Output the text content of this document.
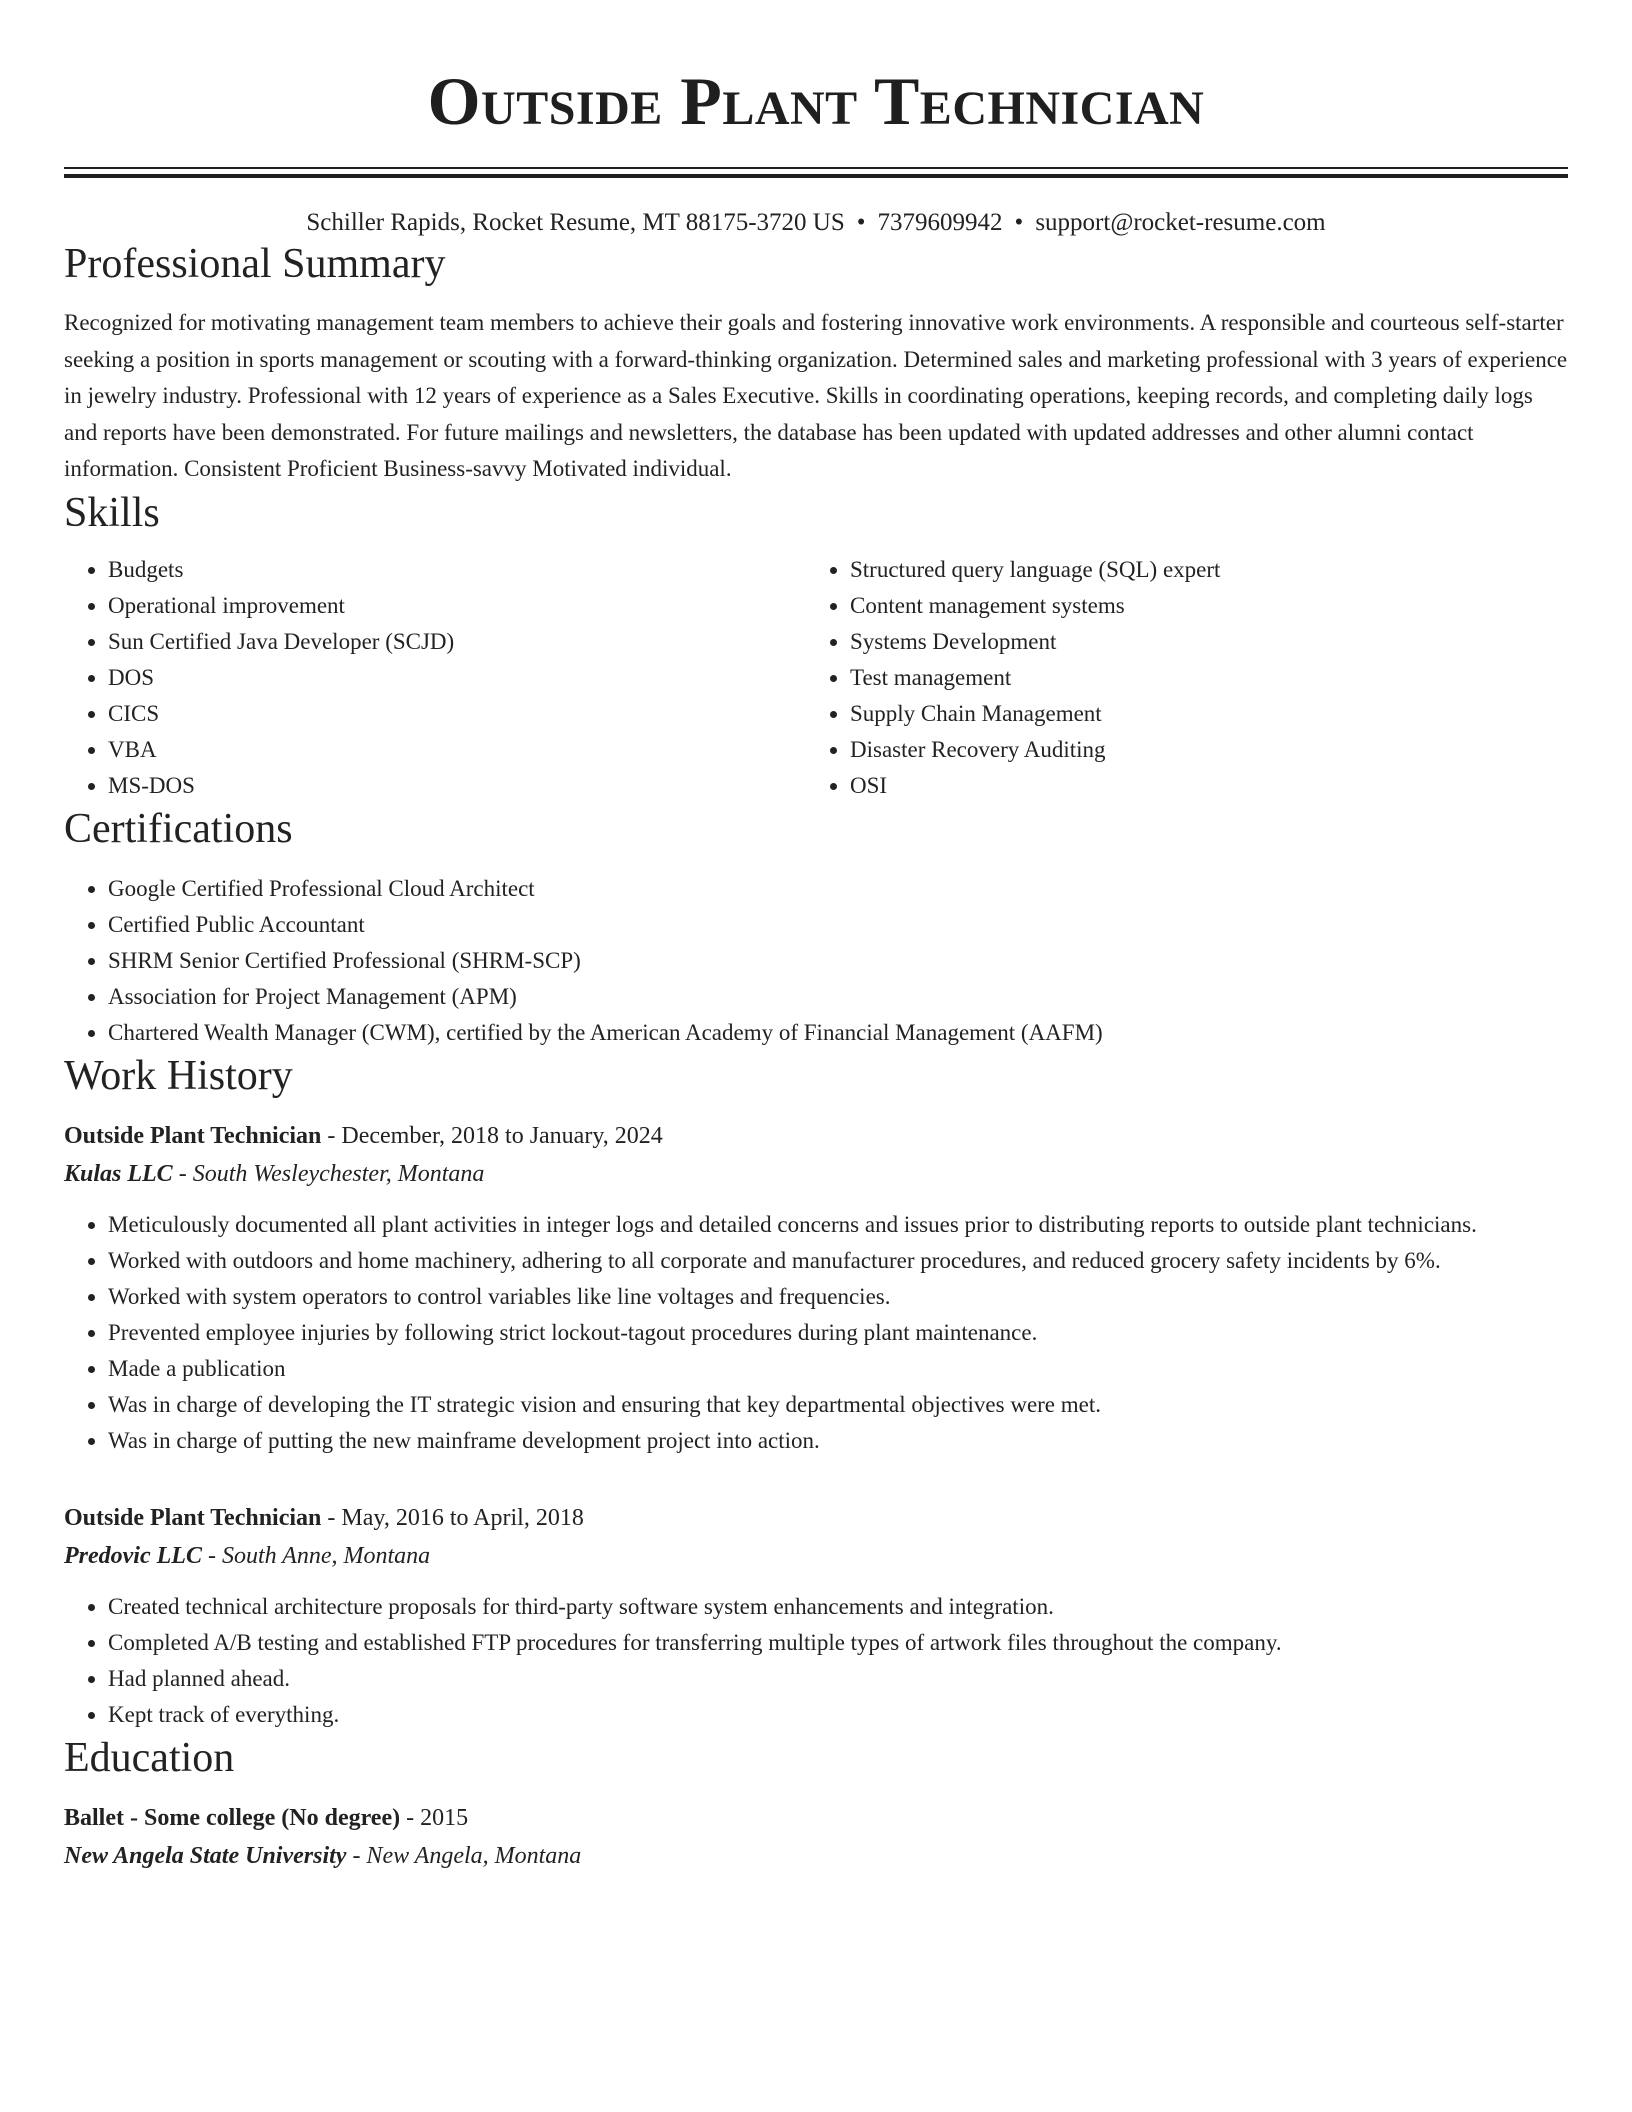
Outside Plant Technician
Schiller Rapids, Rocket Resume, MT 88175-3720 US • 7379609942 • support@rocket-resume.com
Professional Summary
Recognized for motivating management team members to achieve their goals and fostering innovative work environments. A responsible and courteous self-starter seeking a position in sports management or scouting with a forward-thinking organization. Determined sales and marketing professional with 3 years of experience in jewelry industry. Professional with 12 years of experience as a Sales Executive. Skills in coordinating operations, keeping records, and completing daily logs and reports have been demonstrated. For future mailings and newsletters, the database has been updated with updated addresses and other alumni contact information. Consistent Proficient Business-savvy Motivated individual.
Skills
• Budgets
• Operational improvement
• Sun Certified Java Developer (SCJD)
• DOS
• CICS
• VBA
• MS-DOS
• Structured query language (SQL) expert
• Content management systems
• Systems Development
• Test management
• Supply Chain Management
• Disaster Recovery Auditing
• OSI
Certifications
• Google Certified Professional Cloud Architect
• Certified Public Accountant
• SHRM Senior Certified Professional (SHRM-SCP)
• Association for Project Management (APM)
• Chartered Wealth Manager (CWM), certified by the American Academy of Financial Management (AAFM)
Work History
Outside Plant Technician - December, 2018 to January, 2024
Kulas LLC - South Wesleychester, Montana
• Meticulously documented all plant activities in integer logs and detailed concerns and issues prior to distributing reports to outside plant technicians.
• Worked with outdoors and home machinery, adhering to all corporate and manufacturer procedures, and reduced grocery safety incidents by 6%.
• Worked with system operators to control variables like line voltages and frequencies.
• Prevented employee injuries by following strict lockout-tagout procedures during plant maintenance.
• Made a publication
• Was in charge of developing the IT strategic vision and ensuring that key departmental objectives were met.
• Was in charge of putting the new mainframe development project into action.
Outside Plant Technician - May, 2016 to April, 2018
Predovic LLC - South Anne, Montana
• Created technical architecture proposals for third-party software system enhancements and integration.
• Completed A/B testing and established FTP procedures for transferring multiple types of artwork files throughout the company.
• Had planned ahead.
• Kept track of everything.
Education
Ballet - Some college (No degree) - 2015
New Angela State University - New Angela, Montana
